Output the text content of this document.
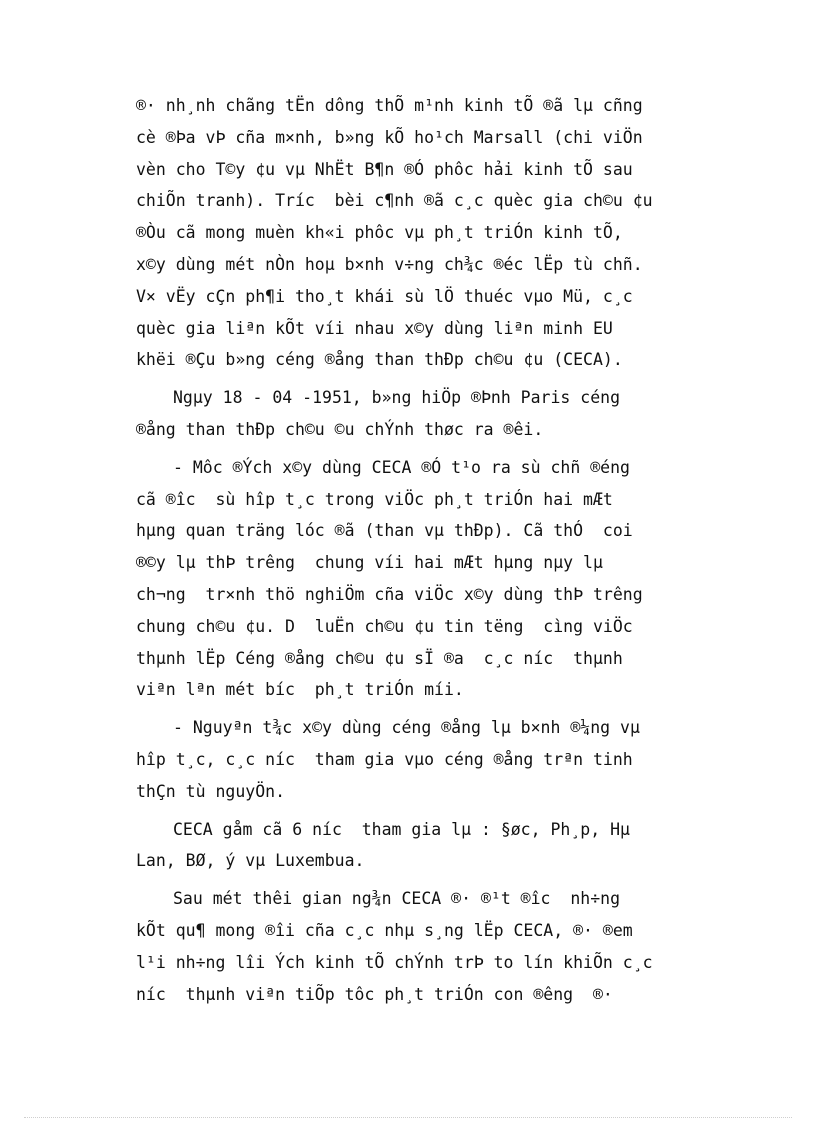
®· nh¸nh chãng tËn dông thÕ m¹nh kinh tÕ ®ã lµ cñng
cè ®Þa vÞ cña m×nh, b»ng kÕ ho¹ch Marsall (chi viÖn
vèn cho T©y ¢u vµ NhËt B¶n ®Ó phôc hải kinh tÕ sau
chiÕn tranh). Tríc  bèi c¶nh ®ã c¸c quèc gia ch©u ¢u
®Òu cã mong muèn kh«i phôc vµ ph¸t triÓn kinh tÕ,
x©y dùng mét nÒn hoµ b×nh v÷ng ch¾c ®éc lËp tù chñ.
V× vËy cÇn ph¶i tho¸t khái sù lÖ thuéc vµo Mü, c¸c
quèc gia liªn kÕt víi nhau x©y dùng liªn minh EU
khëi ®Çu b»ng céng ®ång than thÐp ch©u ¢u (CECA).
Ngµy 18 - 04 -1951, b»ng hiÖp ®Þnh Paris céng
®ång than thÐp ch©u ©u chÝnh thøc ra ®êi.
- Môc ®Ých x©y dùng CECA ®Ó t¹o ra sù chñ ®éng
cã ®îc  sù hîp t¸c trong viÖc ph¸t triÓn hai mÆt
hµng quan träng lóc ®ã (than vµ thÐp). Cã thÓ  coi
®©y lµ thÞ trêng  chung víi hai mÆt hµng nµy lµ
ch¬ng  tr×nh thö nghiÖm cña viÖc x©y dùng thÞ trêng
chung ch©u ¢u. D  luËn ch©u ¢u tin tëng  cìng viÖc
thµnh lËp Céng ®ång ch©u ¢u sÏ ®a  c¸c níc  thµnh
viªn lªn mét bíc  ph¸t triÓn míi.
- Nguyªn t¾c x©y dùng céng ®ång lµ b×nh ®¼ng vµ
hîp t¸c, c¸c níc  tham gia vµo céng ®ång trªn tinh
thÇn tù nguyÖn.
CECA gåm cã 6 níc  tham gia lµ : §øc, Ph¸p, Hµ
Lan, BØ, ý vµ Luxembua.
Sau mét thêi gian ng¾n CECA ®· ®¹t ®îc  nh÷ng
kÕt qu¶ mong ®îi cña c¸c nhµ s¸ng lËp CECA, ®· ®em
l¹i nh÷ng lîi Ých kinh tÕ chÝnh trÞ to lín khiÕn c¸c
níc  thµnh viªn tiÕp tôc ph¸t triÓn con ®êng  ®·
